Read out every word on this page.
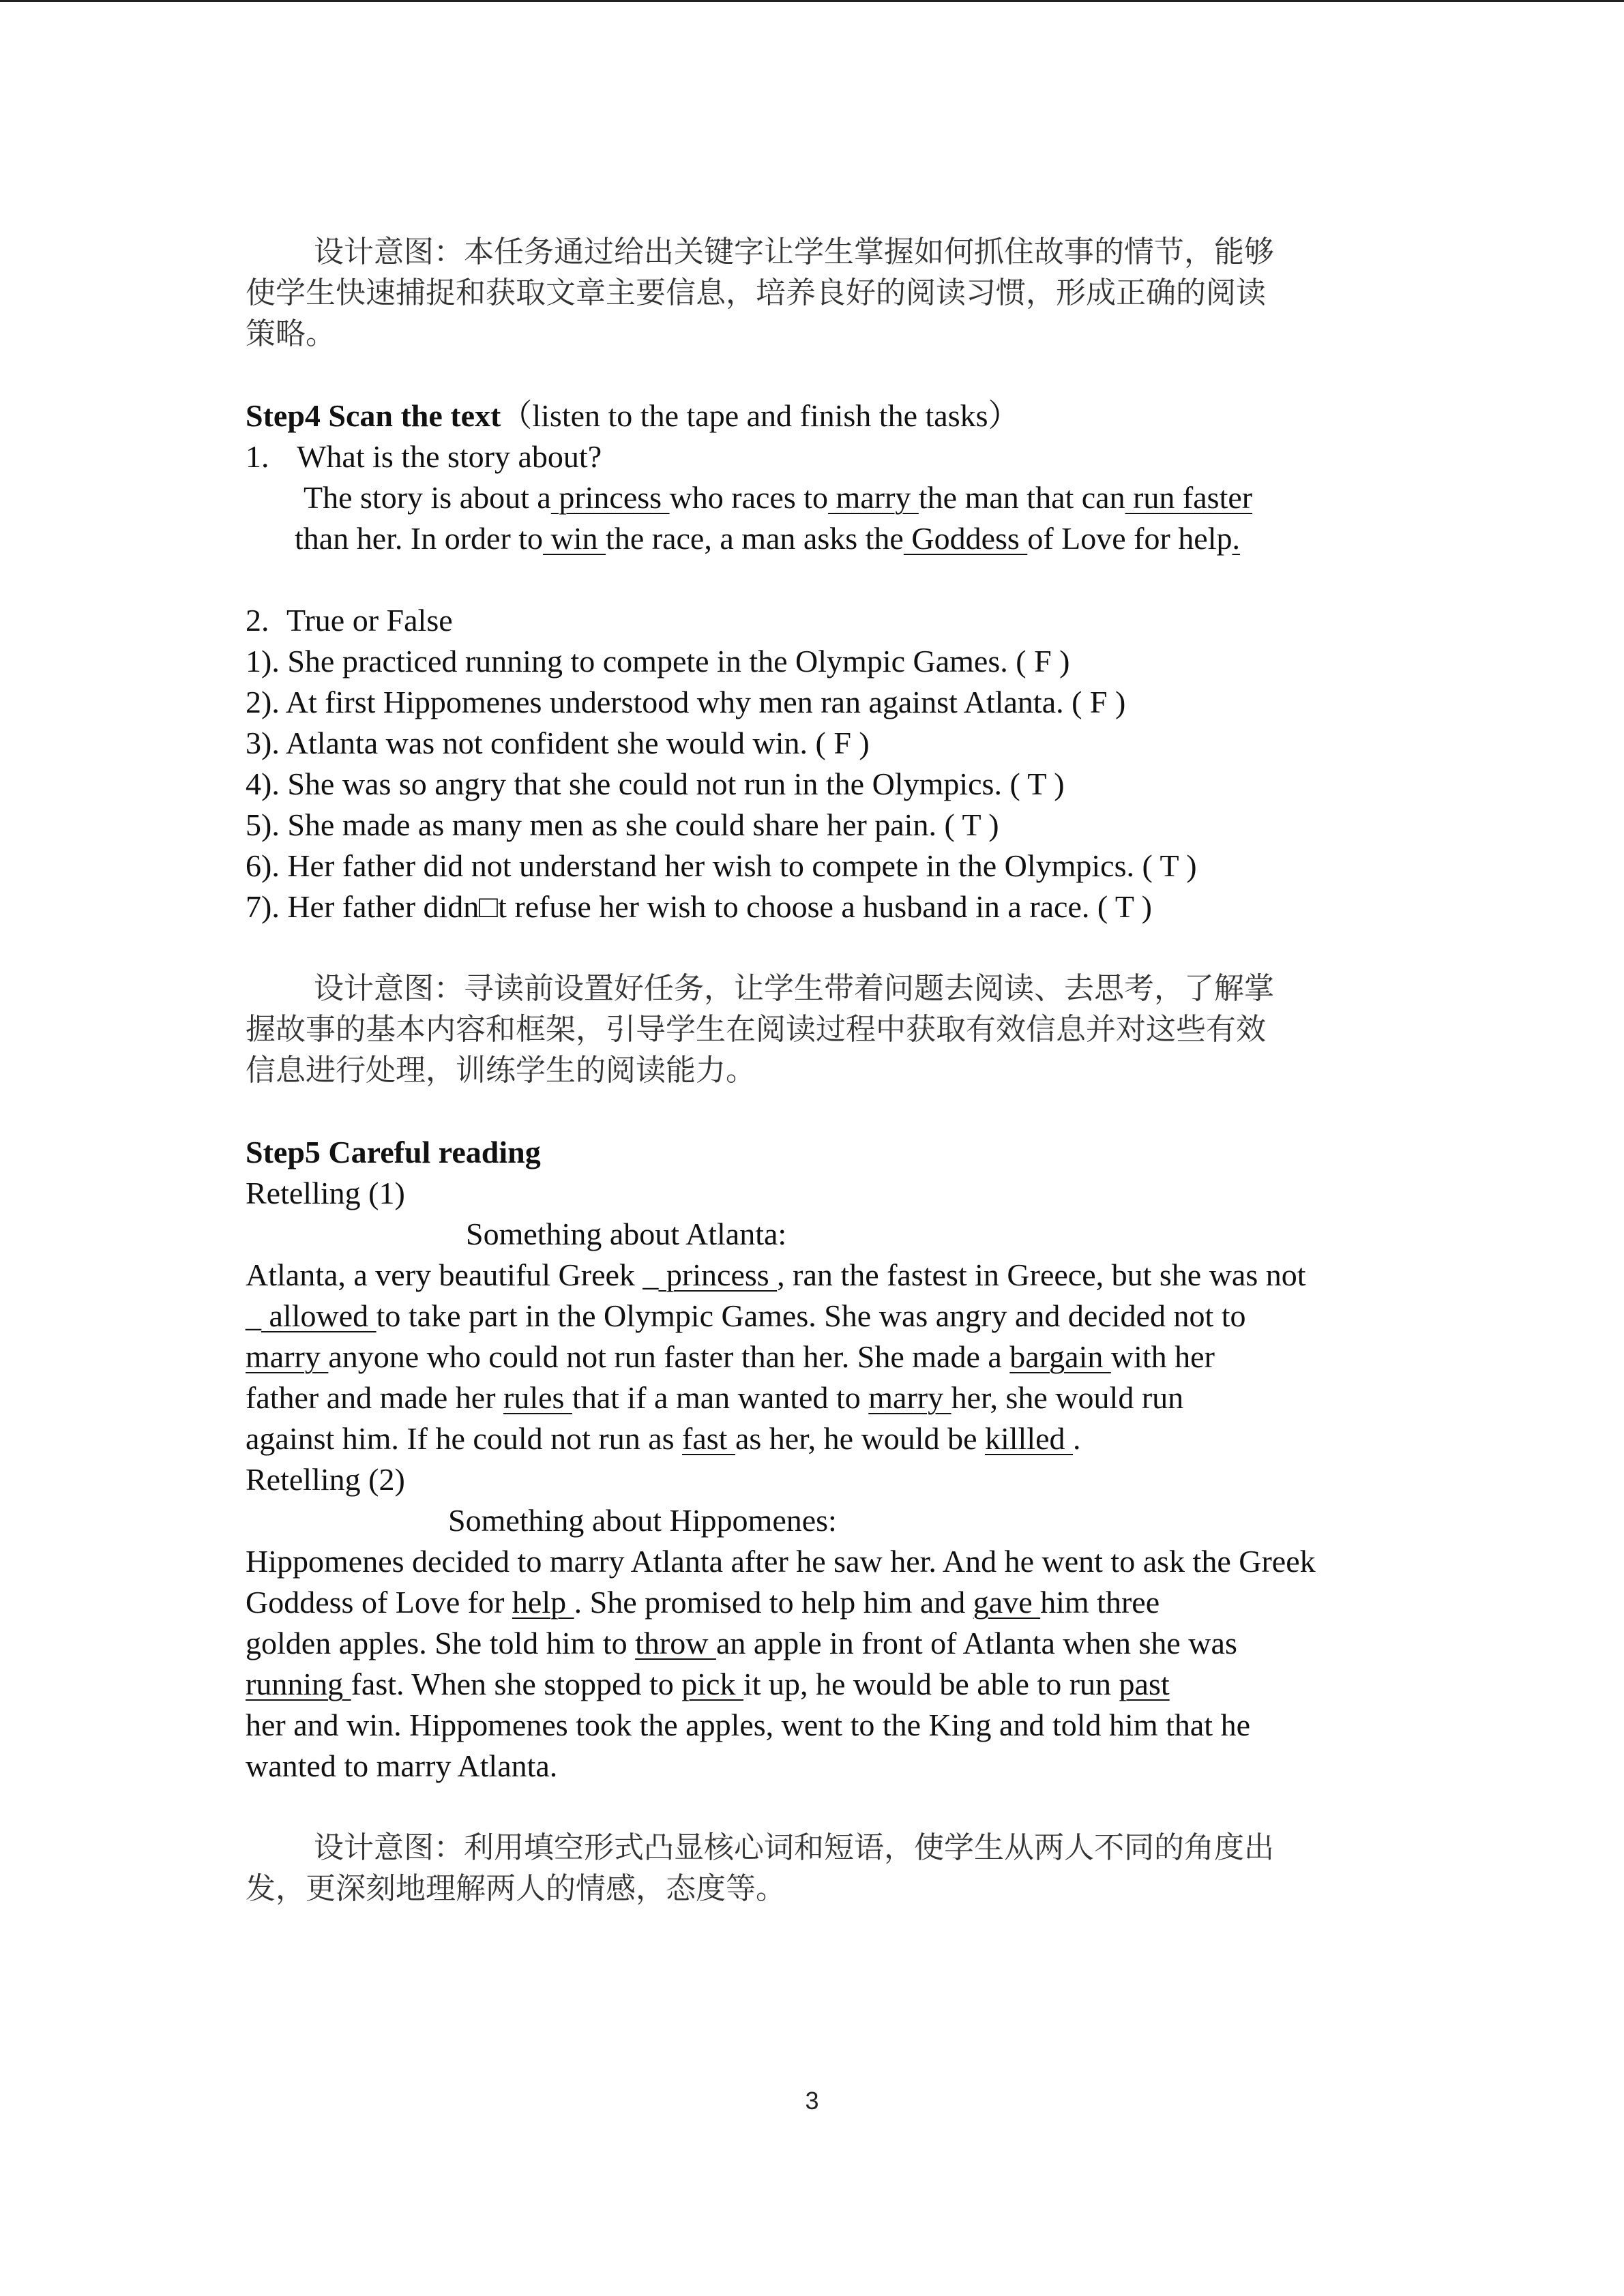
设计意图：本任务通过给出关键字让学生掌握如何抓住故事的情节，能够
使学生快速捕捉和获取文章主要信息，培养良好的阅读习惯，形成正确的阅读
策略。
Step4 Scan the text（listen to the tape and finish the tasks）
1. What is the story about?
The story is about a princess who races to marry the man that can run faster
than her. In order to win the race, a man asks the Goddess of Love for help.
2. True or False
1). She practiced running to compete in the Olympic Games. ( F )
2). At first Hippomenes understood why men ran against Atlanta. ( F )
3). Atlanta was not confident she would win. ( F )
4). She was so angry that she could not run in the Olympics. ( T )
5). She made as many men as she could share her pain. ( T )
6). Her father did not understand her wish to compete in the Olympics. ( T )
7). Her father didn□t refuse her wish to choose a husband in a race. ( T )
设计意图：寻读前设置好任务，让学生带着问题去阅读、去思考，了解掌
握故事的基本内容和框架，引导学生在阅读过程中获取有效信息并对这些有效
信息进行处理，训练学生的阅读能力。
Step5 Careful reading
Retelling (1)
Something about Atlanta:
Atlanta, a very beautiful Greek _ princess , ran the fastest in Greece, but she was not
_ allowed to take part in the Olympic Games. She was angry and decided not to
marry anyone who could not run faster than her. She made a bargain with her
father and made her rules that if a man wanted to marry her, she would run
against him. If he could not run as fast as her, he would be killled .
Retelling (2)
Something about Hippomenes:
Hippomenes decided to marry Atlanta after he saw her. And he went to ask the Greek
Goddess of Love for help . She promised to help him and gave him three
golden apples. She told him to throw an apple in front of Atlanta when she was
running fast. When she stopped to pick it up, he would be able to run past
her and win. Hippomenes took the apples, went to the King and told him that he
wanted to marry Atlanta.
设计意图：利用填空形式凸显核心词和短语，使学生从两人不同的角度出
发，更深刻地理解两人的情感，态度等。
3
